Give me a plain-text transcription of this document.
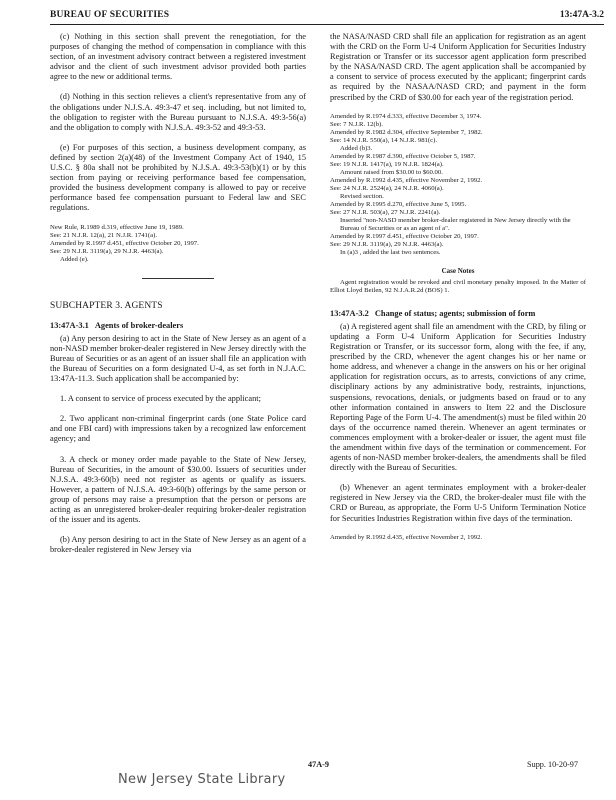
BUREAU OF SECURITIES	13:47A-3.2

(c) Nothing in this section shall prevent the renegotiation, for the purposes of changing the method of compensation in compliance with this section, of an investment advisory contract between a registered investment advisor and the client of such investment advisor provided both parties agree to the new or additional terms.

(d) Nothing in this section relieves a client's representative from any of the obligations under N.J.S.A. 49:3-47 et seq. including, but not limited to, the obligation to register with the Bureau pursuant to N.J.S.A. 49:3-56(a) and the obligation to comply with N.J.S.A. 49:3-52 and 49:3-53.

(e) For purposes of this section, a business development company, as defined by section 2(a)(48) of the Investment Company Act of 1940, 15 U.S.C. § 80a shall not be prohibited by N.J.S.A. 49:3-53(b)(1) or by this section from paying or receiving performance based fee compensation, provided the business development company is allowed to pay or receive performance based fee compensation pursuant to Federal law and SEC regulations.

New Rule, R.1989 d.319, effective June 19, 1989.
See: 21 N.J.R. 12(a), 21 N.J.R. 1741(a).
Amended by R.1997 d.451, effective October 20, 1997.
See: 29 N.J.R. 3119(a), 29 N.J.R. 4463(a).
Added (e).
SUBCHAPTER 3. AGENTS
13:47A-3.1 Agents of broker-dealers

(a) Any person desiring to act in the State of New Jersey as an agent of a non-NASD member broker-dealer registered in New Jersey directly with the Bureau of Securities or as an agent of an issuer shall file an application with the Bureau of Securities on a form designated U-4, as set forth in N.J.A.C. 13:47A-11.3. Such application shall be accompanied by:

1. A consent to service of process executed by the applicant;

2. Two applicant non-criminal fingerprint cards (one State Police card and one FBI card) with impressions taken by a recognized law enforcement agency; and

3. A check or money order made payable to the State of New Jersey, Bureau of Securities, in the amount of $30.00. Issuers of securities under N.J.S.A. 49:3-60(b) need not register as agents or qualify as issuers. However, a pattern of N.J.S.A. 49:3-60(b) offerings by the same person or group of persons may raise a presumption that the person or persons are acting as an unregistered broker-dealer requiring broker-dealer registration of the issuer and its agents.

(b) Any person desiring to act in the State of New Jersey as an agent of a broker-dealer registered in New Jersey via

the NASA/NASD CRD shall file an application for registration as an agent with the CRD on the Form U-4 Uniform Application for Securities Industry Registration or Transfer or its successor agent application form prescribed by the NASA/NASD CRD. The agent application shall be accompanied by a consent to service of process executed by the applicant; fingerprint cards as required by the NASAA/NASD CRD; and payment in the form prescribed by the CRD of $30.00 for each year of the registration period.

Amended by R.1974 d.333, effective December 3, 1974.
See: 7 N.J.R. 12(b).
Amended by R.1982 d.304, effective September 7, 1982.
See: 14 N.J.R. 550(a), 14 N.J.R. 981(c).
Added (b)3.
Amended by R.1987 d.390, effective October 5, 1987.
See: 19 N.J.R. 1417(a), 19 N.J.R. 1824(a).
Amount raised from $30.00 to $60.00.
Amended by R.1992 d.435, effective November 2, 1992.
See: 24 N.J.R. 2524(a), 24 N.J.R. 4060(a).
Revised section.
Amended by R.1995 d.270, effective June 5, 1995.
See: 27 N.J.R. 503(a), 27 N.J.R. 2241(a).
Inserted "non-NASD member broker-dealer registered in New Jersey directly with the Bureau of Securities or as an agent of a".
Amended by R.1997 d.451, effective October 20, 1997.
See: 29 N.J.R. 3119(a), 29 N.J.R. 4463(a).
In (a)3 , added the last two sentences.
Case Notes

Agent registration would be revoked and civil monetary penalty imposed. In the Matter of Elliot Lloyd Beilen, 92 N.J.A.R.2d (BOS) 1.

13:47A-3.2 Change of status; agents; submission of form

(a) A registered agent shall file an amendment with the CRD, by filing or updating a Form U-4 Uniform Application for Securities Industry Registration or Transfer, or its successor form, along with the fee, if any, prescribed by the CRD, whenever the agent changes his or her name or home address, and whenever a change in the answers on his or her original application for registration occurs, as to arrests, convictions of any crime, disciplinary actions by any administrative body, restraints, injunctions, suspensions, revocations, denials, or judgments based on fraud or to any other information contained in answers to Item 22 and the Disclosure Reporting Page of the Form U-4. The amendment(s) must be filed within 20 days of the occurrence named therein. Whenever an agent terminates or commences employment with a broker-dealer or issuer, the agent must file the amendment within five days of the termination or commencement. For agents of non-NASD member broker-dealers, the amendments shall be filed directly with the Bureau of Securities.

(b) Whenever an agent terminates employment with a broker-dealer registered in New Jersey via the CRD, the broker-dealer must file with the CRD or Bureau, as appropriate, the Form U-5 Uniform Termination Notice for Securities Industries Registration within five days of the termination.

Amended by R.1992 d.435, effective November 2, 1992.
47A-9	Supp. 10-20-97
New Jersey State Library
